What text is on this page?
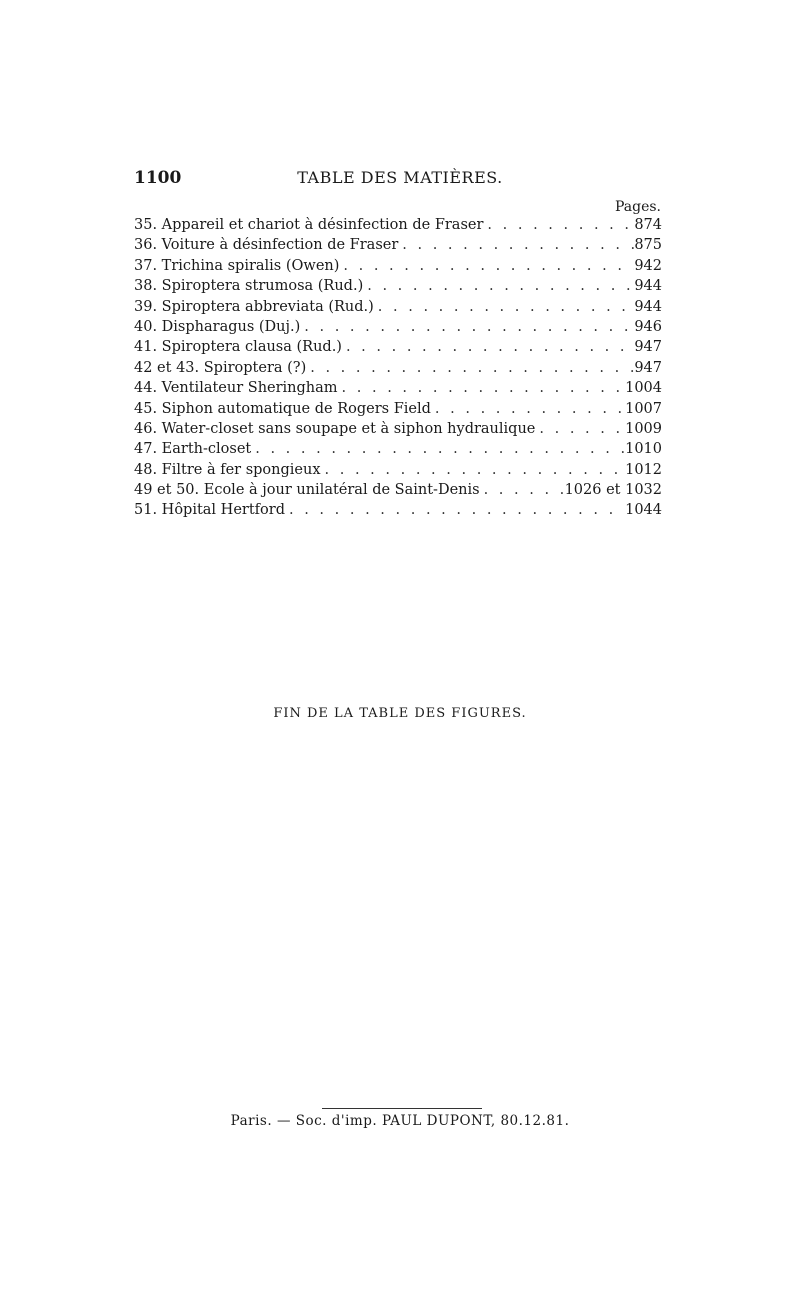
1100	TABLE DES MATIÈRES.
Pages.
35. Appareil et chariot à désinfection de Fraser . . .	874
36. Voiture à désinfection de Fraser . . .	875
37. Trichina spiralis (Owen) . . .	942
38. Spiroptera strumosa (Rud.) . . .	944
39. Spiroptera abbreviata (Rud.) . . .	944
40. Dispharagus (Duj.) . . .	946
41. Spiroptera clausa (Rud.) . . .	947
42 et 43. Spiroptera (?) . . .	947
44. Ventilateur Sheringham . . .	1004
45. Siphon automatique de Rogers Field . . .	1007
46. Water-closet sans soupape et à siphon hydraulique . . .	1009
47. Earth-closet . . .	1010
48. Filtre à fer spongieux . . .	1012
49 et 50. École à jour unilatéral de Saint-Denis . . .	1026 et 1032
51. Hôpital Hertford . . .	1044
FIN DE LA TABLE DES FIGURES.
Paris. — Soc. d'imp. PAUL DUPONT, 80.12.81.
